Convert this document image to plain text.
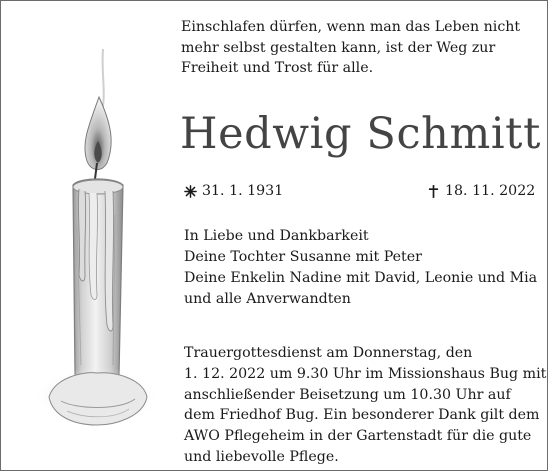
Einschlafen dürfen, wenn man das Leben nicht
mehr selbst gestalten kann, ist der Weg zur
Freiheit und Trost für alle.
Hedwig Schmitt
31. 1. 1931	18. 11. 2022
In Liebe und Dankbarkeit
Deine Tochter Susanne mit Peter
Deine Enkelin Nadine mit David, Leonie und Mia
und alle Anverwandten
Trauergottesdienst am Donnerstag, den
1. 12. 2022 um 9.30 Uhr im Missionshaus Bug mit
anschließender Beisetzung um 10.30 Uhr auf
dem Friedhof Bug. Ein besonderer Dank gilt dem
AWO Pflegeheim in der Gartenstadt für die gute
und liebevolle Pflege.
